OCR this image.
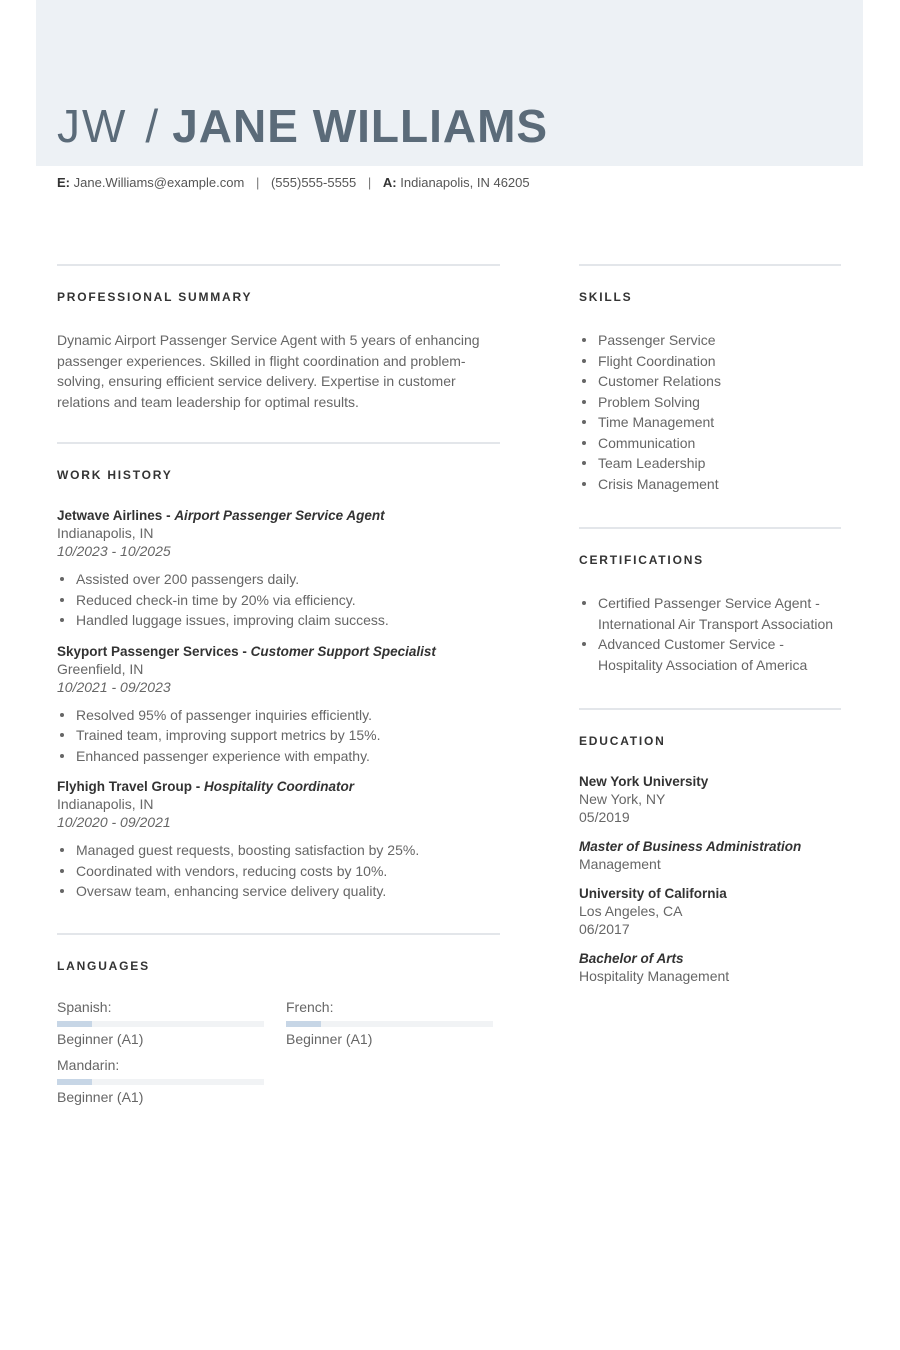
JW / JANE WILLIAMS
E: Jane.Williams@example.com | (555)555-5555 | A: Indianapolis, IN 46205
PROFESSIONAL SUMMARY

Dynamic Airport Passenger Service Agent with 5 years of enhancing passenger experiences. Skilled in flight coordination and problem-solving, ensuring efficient service delivery. Expertise in customer relations and team leadership for optimal results.

WORK HISTORY
Jetwave Airlines - Airport Passenger Service Agent
Indianapolis, IN
10/2023 - 10/2025
Assisted over 200 passengers daily.
Reduced check-in time by 20% via efficiency.
Handled luggage issues, improving claim success.
Skyport Passenger Services - Customer Support Specialist
Greenfield, IN
10/2021 - 09/2023
Resolved 95% of passenger inquiries efficiently.
Trained team, improving support metrics by 15%.
Enhanced passenger experience with empathy.
Flyhigh Travel Group - Hospitality Coordinator
Indianapolis, IN
10/2020 - 09/2021
Managed guest requests, boosting satisfaction by 25%.
Coordinated with vendors, reducing costs by 10%.
Oversaw team, enhancing service delivery quality.
LANGUAGES
Spanish:
Beginner (A1)
French:
Beginner (A1)
Mandarin:
Beginner (A1)
SKILLS
Passenger Service
Flight Coordination
Customer Relations
Problem Solving
Time Management
Communication
Team Leadership
Crisis Management
CERTIFICATIONS
Certified Passenger Service Agent - International Air Transport Association
Advanced Customer Service - Hospitality Association of America
EDUCATION
New York University
New York, NY
05/2019
Master of Business Administration
Management
University of California
Los Angeles, CA
06/2017
Bachelor of Arts
Hospitality Management
